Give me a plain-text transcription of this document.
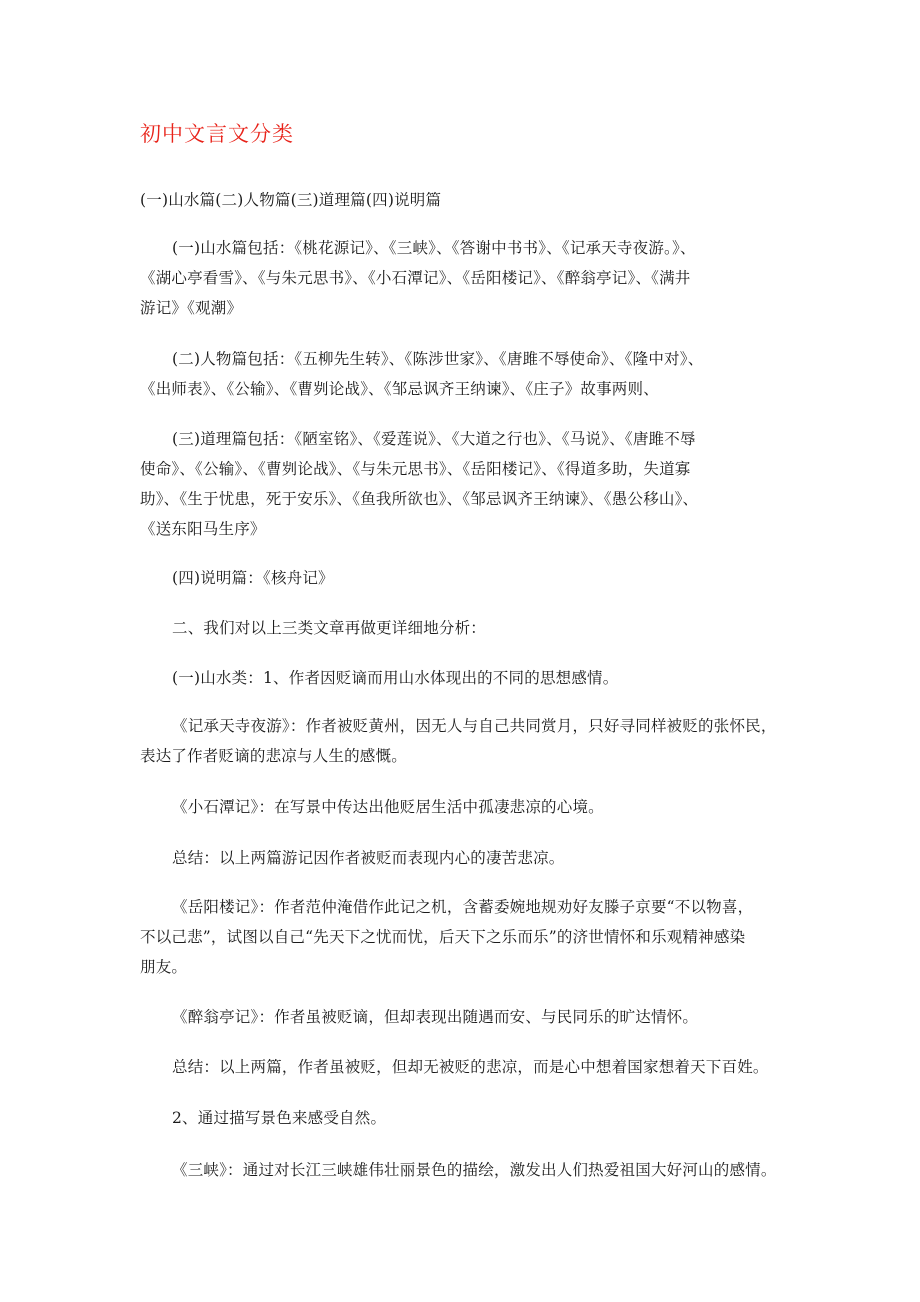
初中文言文分类
(一)山水篇(二)人物篇(三)道理篇(四)说明篇
(一)山水篇包括：《桃花源记》、《三峡》、《答谢中书书》、《记承天寺夜游。》、
《湖心亭看雪》、《与朱元思书》、《小石潭记》、《岳阳楼记》、《醉翁亭记》、《满井
游记》《观潮》
(二)人物篇包括：《五柳先生转》、《陈涉世家》、《唐雎不辱使命》、《隆中对》、
《出师表》、《公输》、《曹刿论战》、《邹忌讽齐王纳谏》、《庄子》故事两则、
(三)道理篇包括：《陋室铭》、《爱莲说》、《大道之行也》、《马说》、《唐雎不辱
使命》、《公输》、《曹刿论战》、《与朱元思书》、《岳阳楼记》、《得道多助，失道寡
助》、《生于忧患，死于安乐》、《鱼我所欲也》、《邹忌讽齐王纳谏》、《愚公移山》、
《送东阳马生序》
(四)说明篇：《核舟记》
二、我们对以上三类文章再做更详细地分析：
(一)山水类：1、作者因贬谪而用山水体现出的不同的思想感情。
《记承天寺夜游》：作者被贬黄州，因无人与自己共同赏月，只好寻同样被贬的张怀民，
表达了作者贬谪的悲凉与人生的感慨。
《小石潭记》：在写景中传达出他贬居生活中孤凄悲凉的心境。
总结：以上两篇游记因作者被贬而表现内心的凄苦悲凉。
《岳阳楼记》：作者范仲淹借作此记之机，含蓄委婉地规劝好友滕子京要“不以物喜，
不以己悲”，试图以自己“先天下之忧而忧，后天下之乐而乐”的济世情怀和乐观精神感染
朋友。
《醉翁亭记》：作者虽被贬谪，但却表现出随遇而安、与民同乐的旷达情怀。
总结：以上两篇，作者虽被贬，但却无被贬的悲凉，而是心中想着国家想着天下百姓。
2、通过描写景色来感受自然。
《三峡》：通过对长江三峡雄伟壮丽景色的描绘，激发出人们热爱祖国大好河山的感情。
